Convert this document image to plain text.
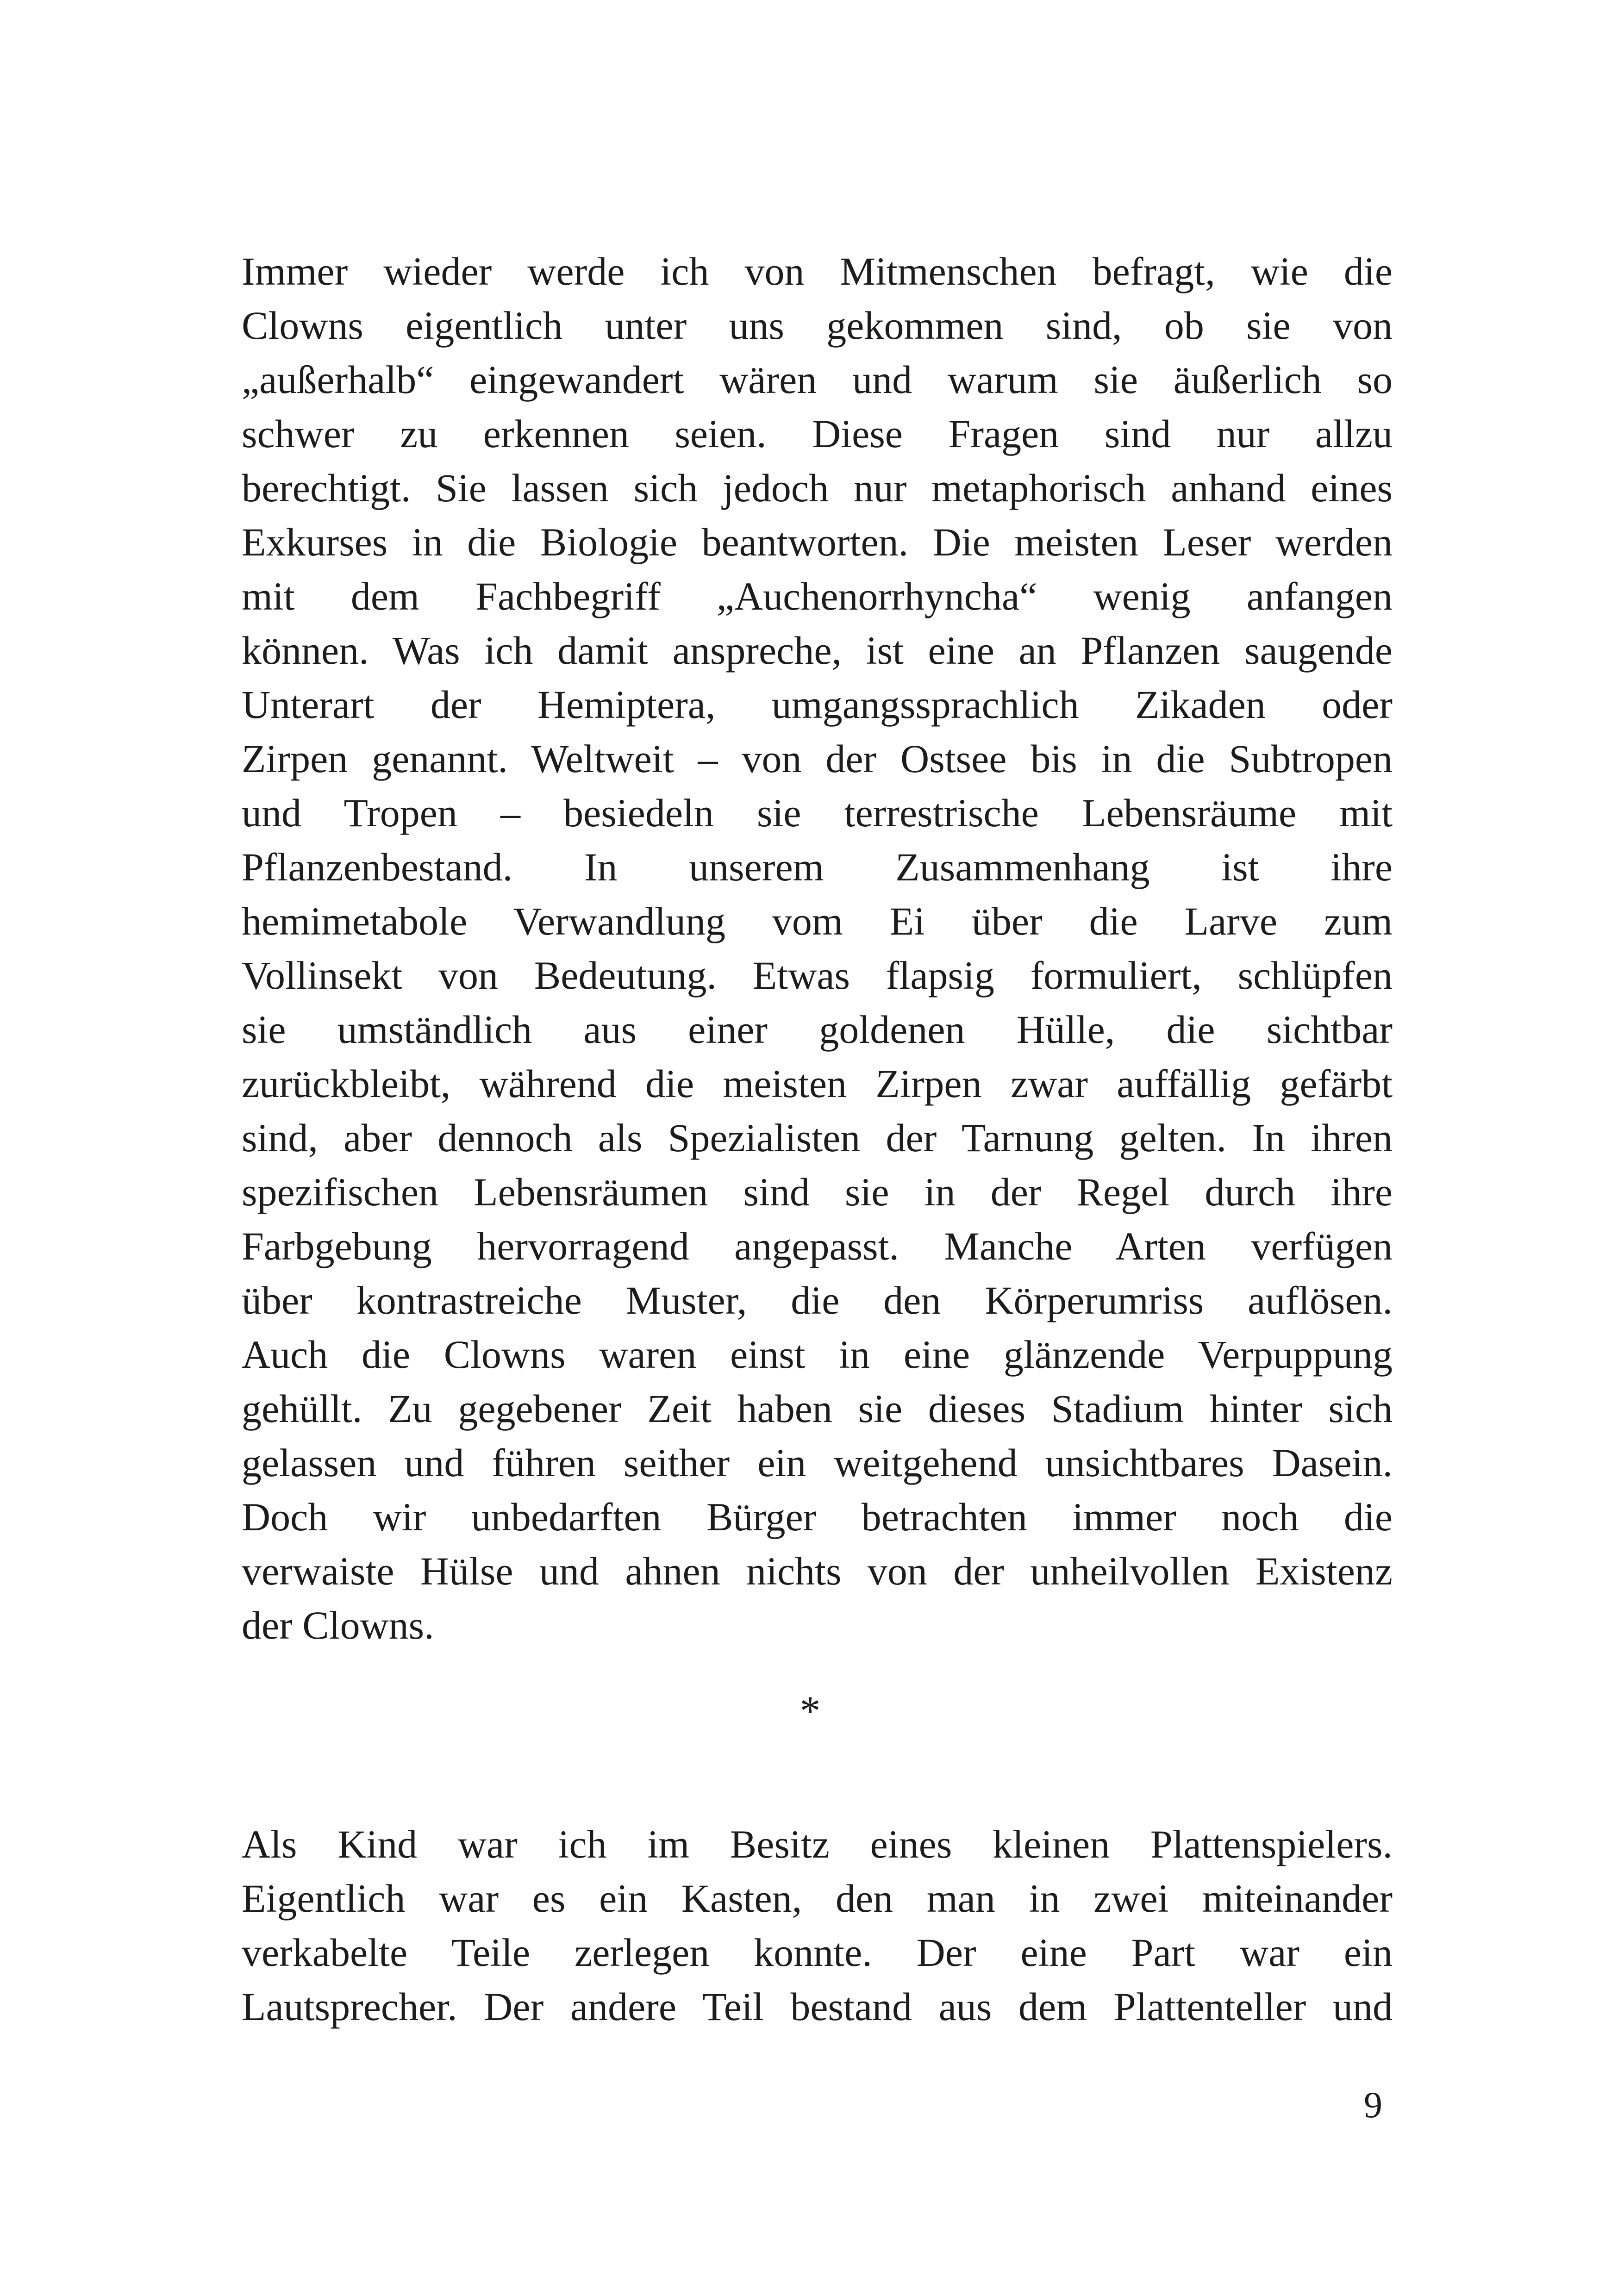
Immer wieder werde ich von Mitmenschen befragt, wie die
Clowns eigentlich unter uns gekommen sind, ob sie von
„außerhalb“ eingewandert wären und warum sie äußerlich so
schwer zu erkennen seien. Diese Fragen sind nur allzu
berechtigt. Sie lassen sich jedoch nur metaphorisch anhand eines
Exkurses in die Biologie beantworten. Die meisten Leser werden
mit dem Fachbegriff „Auchenorrhyncha“ wenig anfangen
können. Was ich damit anspreche, ist eine an Pflanzen saugende
Unterart der Hemiptera, umgangssprachlich Zikaden oder
Zirpen genannt. Weltweit – von der Ostsee bis in die Subtropen
und Tropen – besiedeln sie terrestrische Lebensräume mit
Pflanzenbestand. In unserem Zusammenhang ist ihre
hemimetabole Verwandlung vom Ei über die Larve zum
Vollinsekt von Bedeutung. Etwas flapsig formuliert, schlüpfen
sie umständlich aus einer goldenen Hülle, die sichtbar
zurückbleibt, während die meisten Zirpen zwar auffällig gefärbt
sind, aber dennoch als Spezialisten der Tarnung gelten. In ihren
spezifischen Lebensräumen sind sie in der Regel durch ihre
Farbgebung hervorragend angepasst. Manche Arten verfügen
über kontrastreiche Muster, die den Körperumriss auflösen.
Auch die Clowns waren einst in eine glänzende Verpuppung
gehüllt. Zu gegebener Zeit haben sie dieses Stadium hinter sich
gelassen und führen seither ein weitgehend unsichtbares Dasein.
Doch wir unbedarften Bürger betrachten immer noch die
verwaiste Hülse und ahnen nichts von der unheilvollen Existenz
der Clowns.

*

Als Kind war ich im Besitz eines kleinen Plattenspielers.
Eigentlich war es ein Kasten, den man in zwei miteinander
verkabelte Teile zerlegen konnte. Der eine Part war ein
Lautsprecher. Der andere Teil bestand aus dem Plattenteller und

9
